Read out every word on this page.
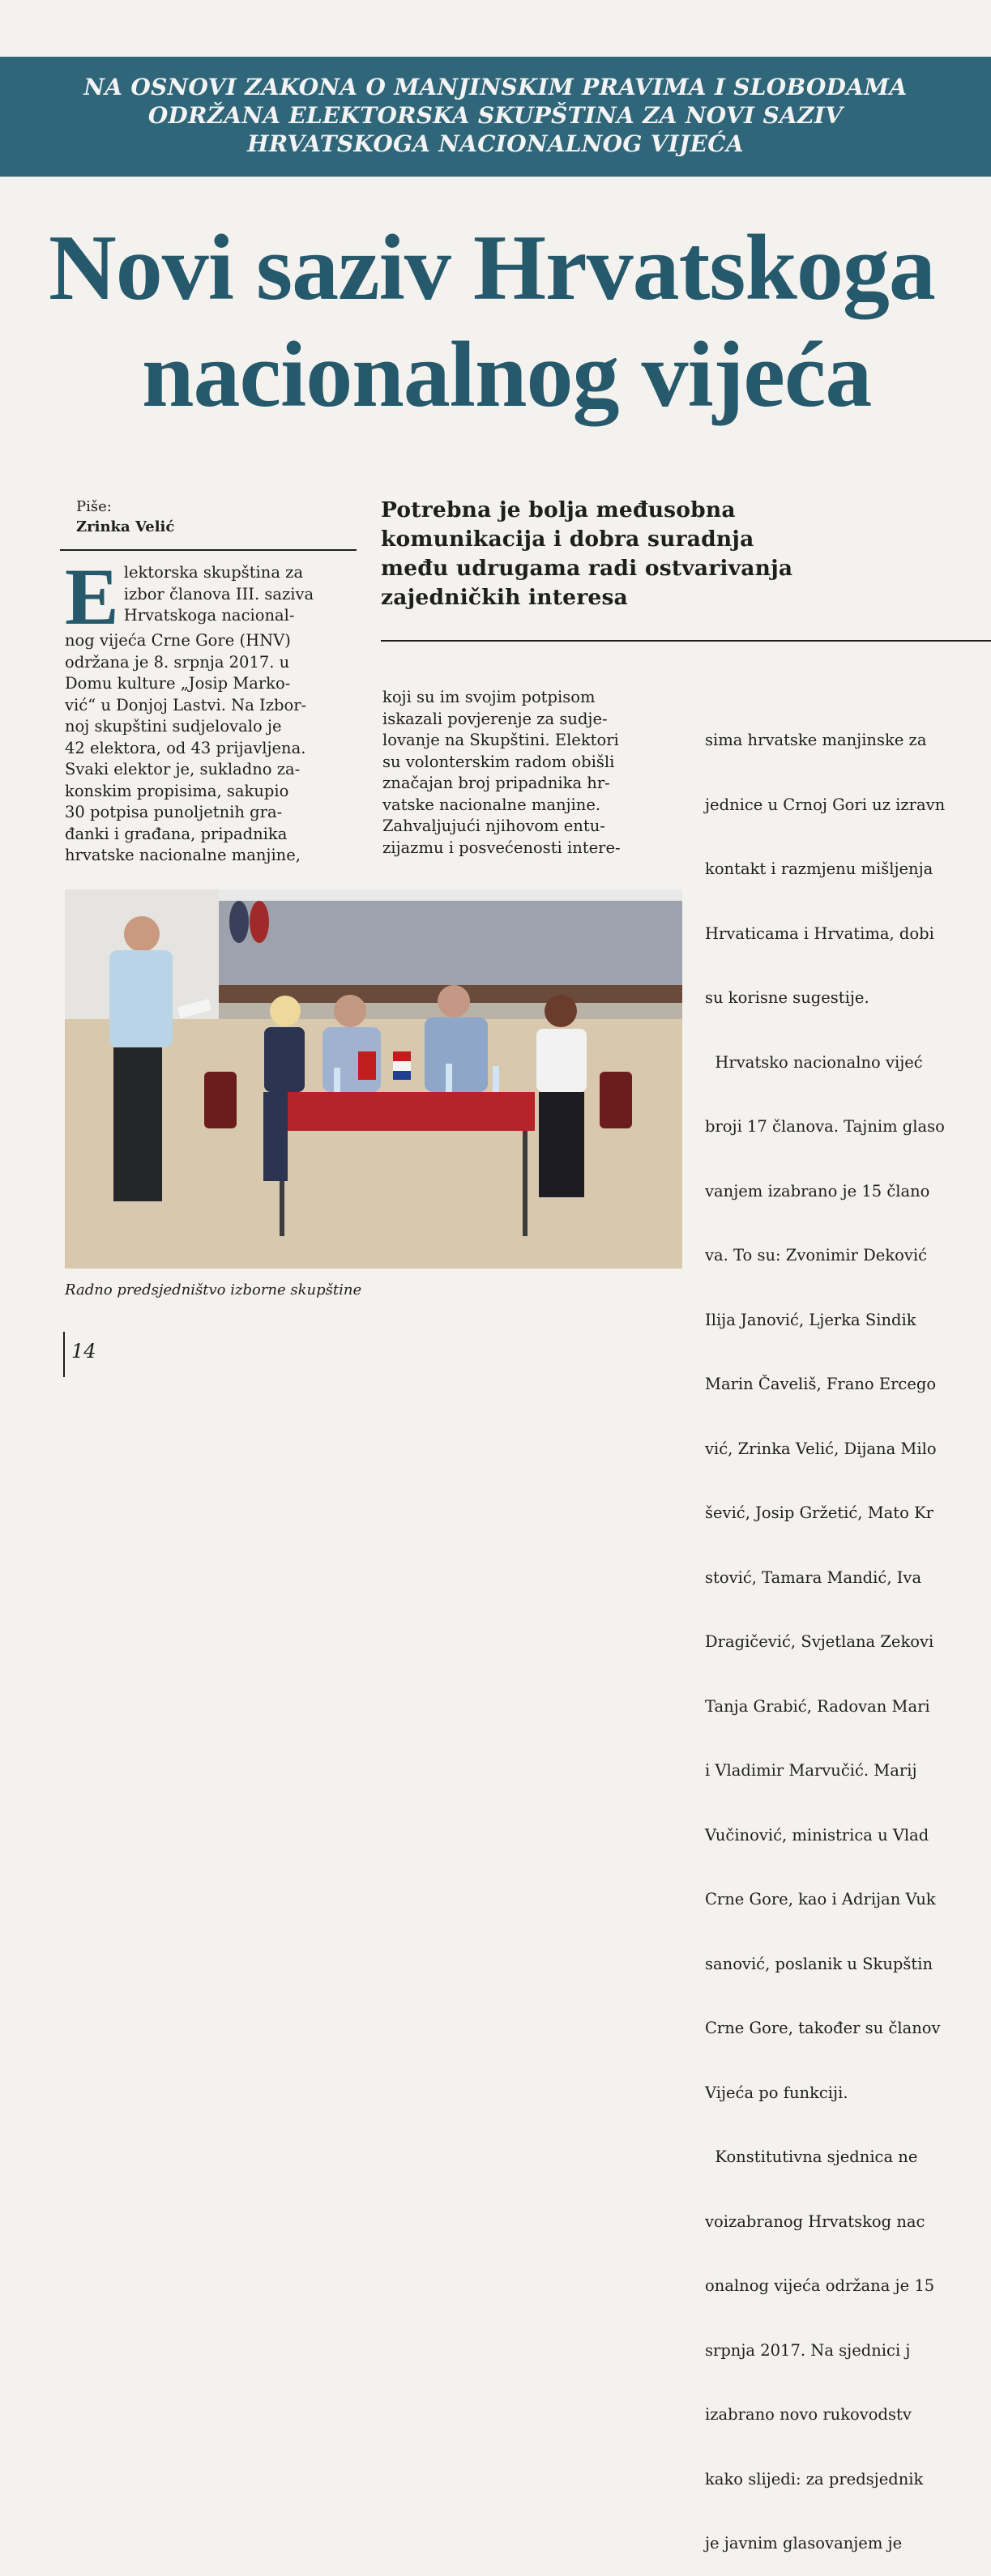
NA OSNOVI ZAKONA O MANJINSKIM PRAVIMA I SLOBODAMA
ODRŽANA ELEKTORSKA SKUPŠTINA ZA NOVI SAZIV
HRVATSKOGA NACIONALNOG VIJEĆA
Novi saziv Hrvatskoga
nacionalnog vijeća
Piše:
Zrinka Velić
Potrebna je bolja međusobna
komunikacija i dobra suradnja
među udrugama radi ostvarivanja
zajedničkih interesa
E lektorska skupština za
izbor članova III. saziva
Hrvatskoga nacional-
nog vijeća Crne Gore (HNV)
održana je 8. srpnja 2017. u
Domu kulture „Josip Marko-
vić“ u Donjoj Lastvi. Na Izbor-
noj skupštini sudjelovalo je
42 elektora, od 43 prijavljena.
Svaki elektor je, sukladno za-
konskim propisima, sakupio
30 potpisa punoljetnih gra-
đanki i građana, pripadnika
hrvatske nacionalne manjine,
koji su im svojim potpisom
iskazali povjerenje za sudje-
lovanje na Skupštini. Elektori
su volonterskim radom obišli
značajan broj pripadnika hr-
vatske nacionalne manjine.
Zahvaljujući njihovom entu-
zijazmu i posvećenosti intere-

sima hrvatske manjinske za

jednice u Crnoj Gori uz izravn

kontakt i razmjenu mišljenja

Hrvaticama i Hrvatima, dobi

su korisne sugestije.

Hrvatsko nacionalno vijeć

broji 17 članova. Tajnim glaso

vanjem izabrano je 15 člano

va. To su: Zvonimir Deković

Ilija Janović, Ljerka Sindik

Marin Čaveliš, Frano Ercego

vić, Zrinka Velić, Dijana Milo

šević, Josip Gržetić, Mato Kr

stović, Tamara Mandić, Iva

Dragičević, Svjetlana Zekovi

Tanja Grabić, Radovan Mari

i Vladimir Marvučić. Marij

Vučinović, ministrica u Vlad

Crne Gore, kao i Adrijan Vuk

sanović, poslanik u Skupštin

Crne Gore, također su članov

Vijeća po funkciji.

Konstitutivna sjednica ne

voizabranog Hrvatskog nac

onalnog vijeća održana je 15

srpnja 2017. Na sjednici j

izabrano novo rukovodstv

kako slijedi: za predsjednik

je javnim glasovanjem je

Radno predsjedništvo izborne skupštine
14
